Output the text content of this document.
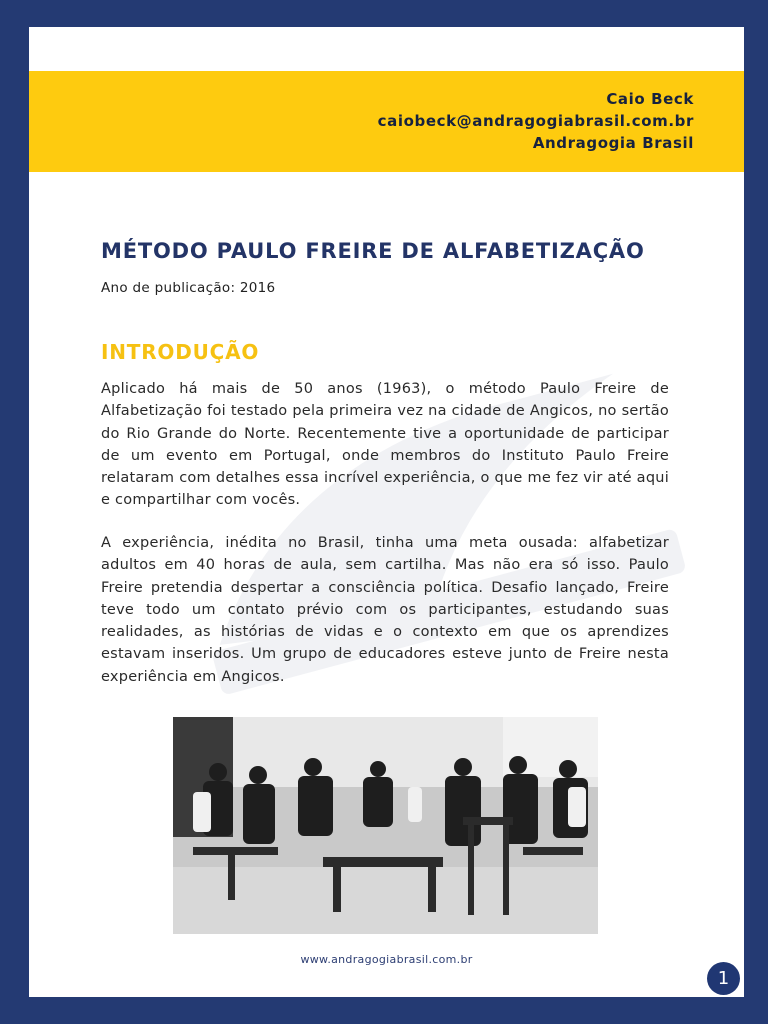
Caio Beck
caiobeck@andragogiabrasil.com.br
Andragogia Brasil
MÉTODO PAULO FREIRE DE ALFABETIZAÇÃO
Ano de publicação: 2016
INTRODUÇÃO

Aplicado há mais de 50 anos (1963), o método Paulo Freire de Alfabetização foi testado pela primeira vez na cidade de Angicos, no sertão do Rio Grande do Norte. Recentemente tive a oportunidade de participar de um evento em Portugal, onde membros do Instituto Paulo Freire relataram com detalhes essa incrível experiência, o que me fez vir até aqui e compartilhar com vocês.

A experiência, inédita no Brasil, tinha uma meta ousada: alfabetizar adultos em 40 horas de aula, sem cartilha. Mas não era só isso. Paulo Freire pretendia despertar a consciência política. Desafio lançado, Freire teve todo um contato prévio com os participantes, estudando suas realidades, as histórias de vidas e o contexto em que os aprendizes estavam inseridos. Um grupo de educadores esteve junto de Freire nesta experiência em Angicos.

www.andragogiabrasil.com.br
1
